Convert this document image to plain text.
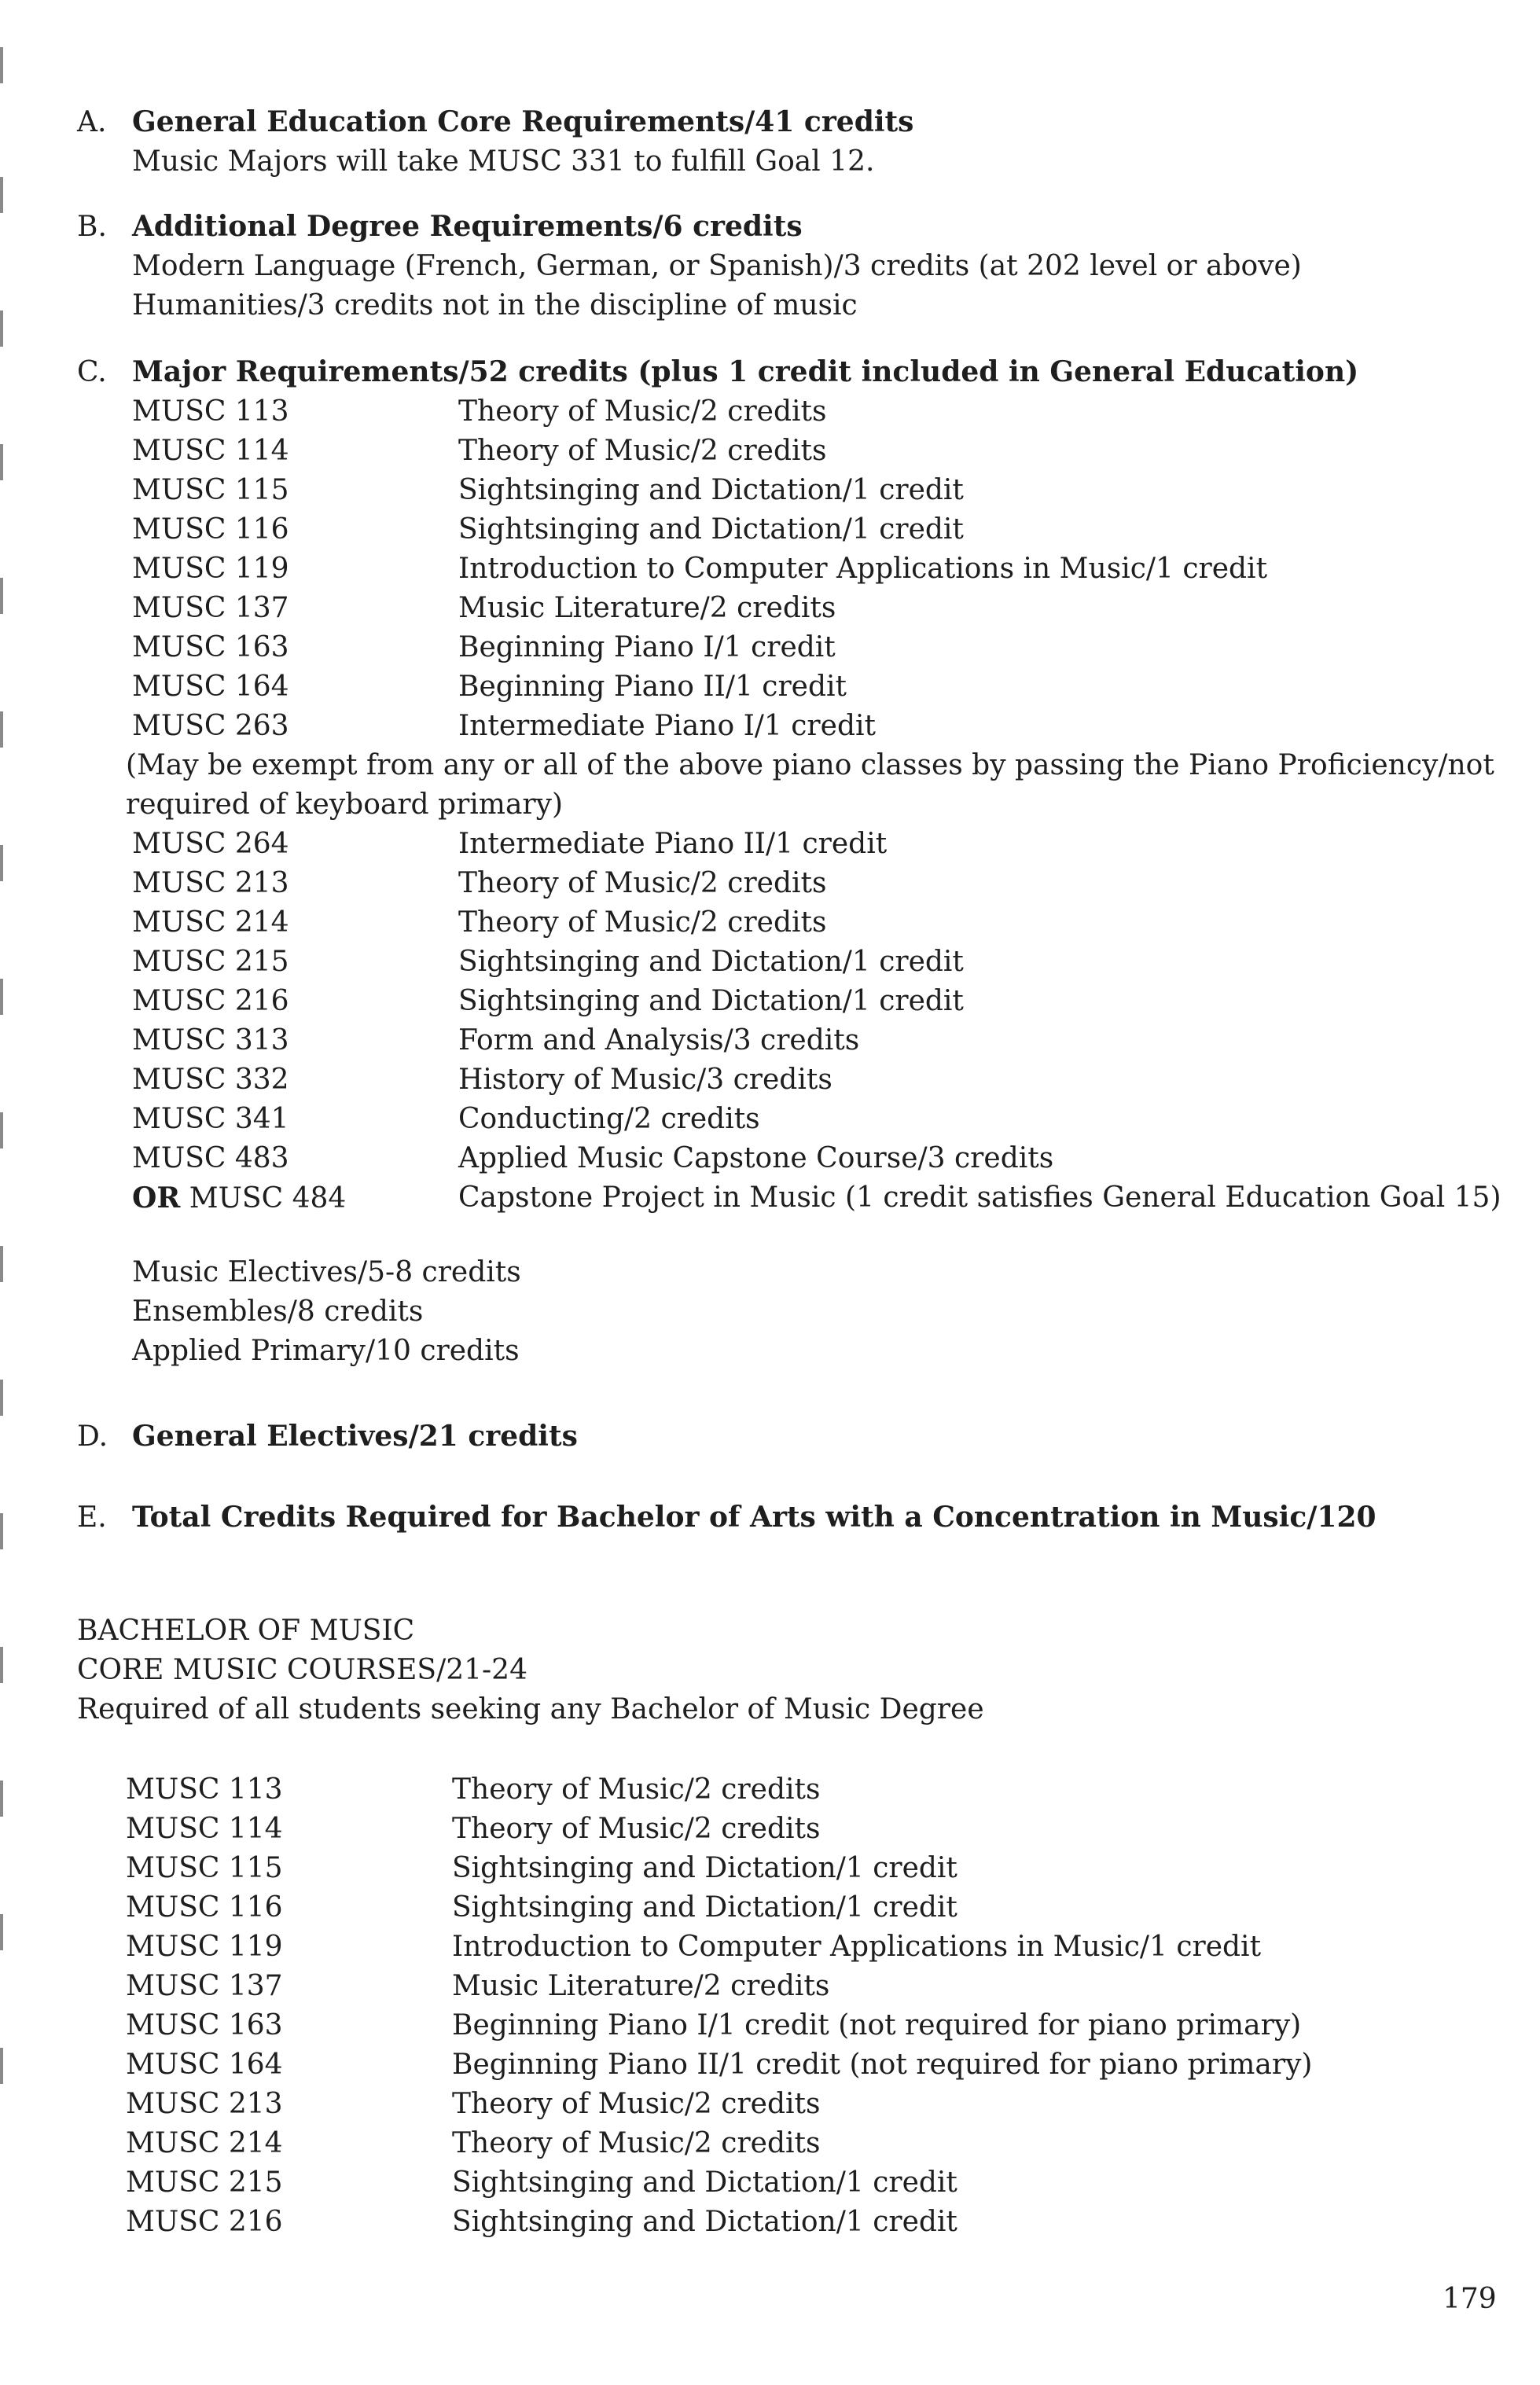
A. General Education Core Requirements/41 credits
Music Majors will take MUSC 331 to fulfill Goal 12.
B. Additional Degree Requirements/6 credits
Modern Language (French, German, or Spanish)/3 credits (at 202 level or above)
Humanities/3 credits not in the discipline of music
C. Major Requirements/52 credits (plus 1 credit included in General Education)
MUSC 113	Theory of Music/2 credits
MUSC 114	Theory of Music/2 credits
MUSC 115	Sightsinging and Dictation/1 credit
MUSC 116	Sightsinging and Dictation/1 credit
MUSC 119	Introduction to Computer Applications in Music/1 credit
MUSC 137	Music Literature/2 credits
MUSC 163	Beginning Piano I/1 credit
MUSC 164	Beginning Piano II/1 credit
MUSC 263	Intermediate Piano I/1 credit
(May be exempt from any or all of the above piano classes by passing the Piano Proficiency/not required of keyboard primary)
MUSC 264	Intermediate Piano II/1 credit
MUSC 213	Theory of Music/2 credits
MUSC 214	Theory of Music/2 credits
MUSC 215	Sightsinging and Dictation/1 credit
MUSC 216	Sightsinging and Dictation/1 credit
MUSC 313	Form and Analysis/3 credits
MUSC 332	History of Music/3 credits
MUSC 341	Conducting/2 credits
MUSC 483	Applied Music Capstone Course/3 credits
OR MUSC 484	Capstone Project in Music (1 credit satisfies General Education Goal 15)
Music Electives/5-8 credits
Ensembles/8 credits
Applied Primary/10 credits
D. General Electives/21 credits
E. Total Credits Required for Bachelor of Arts with a Concentration in Music/120
BACHELOR OF MUSIC
CORE MUSIC COURSES/21-24
Required of all students seeking any Bachelor of Music Degree
MUSC 113	Theory of Music/2 credits
MUSC 114	Theory of Music/2 credits
MUSC 115	Sightsinging and Dictation/1 credit
MUSC 116	Sightsinging and Dictation/1 credit
MUSC 119	Introduction to Computer Applications in Music/1 credit
MUSC 137	Music Literature/2 credits
MUSC 163	Beginning Piano I/1 credit (not required for piano primary)
MUSC 164	Beginning Piano II/1 credit (not required for piano primary)
MUSC 213	Theory of Music/2 credits
MUSC 214	Theory of Music/2 credits
MUSC 215	Sightsinging and Dictation/1 credit
MUSC 216	Sightsinging and Dictation/1 credit
179
